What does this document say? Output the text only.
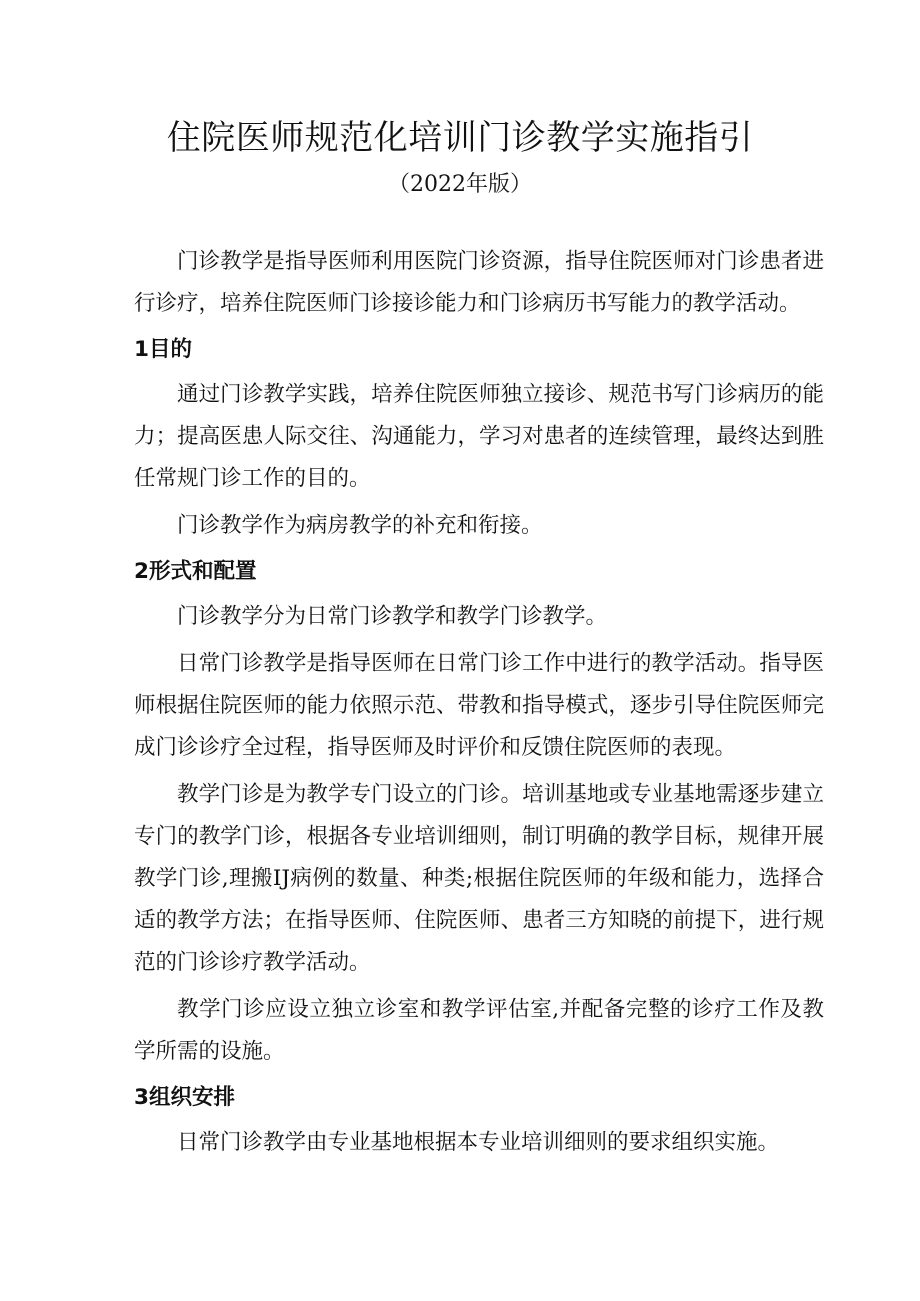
住院医师规范化培训门诊教学实施指引
（2022年版）

门诊教学是指导医师利用医院门诊资源，指导住院医师对门诊患者进行诊疗，培养住院医师门诊接诊能力和门诊病历书写能力的教学活动。

1目的

通过门诊教学实践，培养住院医师独立接诊、规范书写门诊病历的能力；提高医患人际交往、沟通能力，学习对患者的连续管理，最终达到胜任常规门诊工作的目的。

门诊教学作为病房教学的补充和衔接。

2形式和配置

门诊教学分为日常门诊教学和教学门诊教学。

日常门诊教学是指导医师在日常门诊工作中进行的教学活动。指导医师根据住院医师的能力依照示范、带教和指导模式，逐步引导住院医师完成门诊诊疗全过程，指导医师及时评价和反馈住院医师的表现。

教学门诊是为教学专门设立的门诊。培训基地或专业基地需逐步建立专门的教学门诊，根据各专业培训细则，制订明确的教学目标，规律开展教学门诊,理搬IJ病例的数量、种类;根据住院医师的年级和能力，选择合适的教学方法；在指导医师、住院医师、患者三方知晓的前提下，进行规范的门诊诊疗教学活动。

教学门诊应设立独立诊室和教学评估室,并配备完整的诊疗工作及教学所需的设施。

3组织安排

日常门诊教学由专业基地根据本专业培训细则的要求组织实施。
